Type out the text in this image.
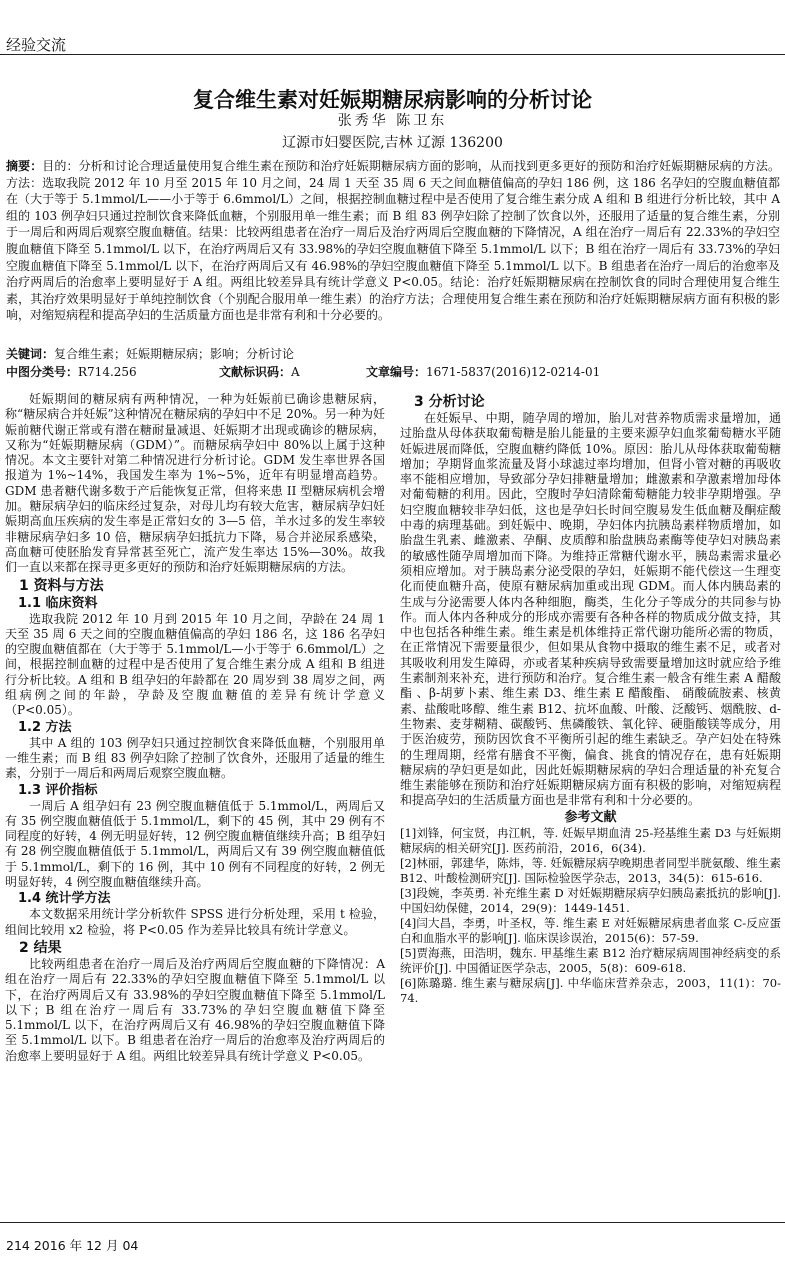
经验交流
复合维生素对妊娠期糖尿病影响的分析讨论
张秀华 陈卫东
辽源市妇婴医院,吉林 辽源 136200
摘要：目的：分析和讨论合理适量使用复合维生素在预防和治疗妊娠期糖尿病方面的影响，从而找到更多更好的预防和治疗妊娠期糖尿病的方法。方法：选取我院 2012 年 10 月至 2015 年 10 月之间，24 周 1 天至 35 周 6 天之间血糖值偏高的孕妇 186 例，这 186 名孕妇的空腹血糖值都在（大于等于 5.1mmol/L——小于等于 6.6mmol/L）之间，根据控制血糖过程中是否使用了复合维生素分成 A 组和 B 组进行分析比较，其中 A 组的 103 例孕妇只通过控制饮食来降低血糖，个别服用单一维生素；而 B 组 83 例孕妇除了控制了饮食以外，还服用了适量的复合维生素，分别于一周后和两周后观察空腹血糖值。结果：比较两组患者在治疗一周后及治疗两周后空腹血糖的下降情况，A 组在治疗一周后有 22.33%的孕妇空腹血糖值下降至 5.1mmol/L 以下，在治疗两周后又有 33.98%的孕妇空腹血糖值下降至 5.1mmol/L 以下；B 组在治疗一周后有 33.73%的孕妇空腹血糖值下降至 5.1mmol/L 以下，在治疗两周后又有 46.98%的孕妇空腹血糖值下降至 5.1mmol/L 以下。B 组患者在治疗一周后的治愈率及治疗两周后的治愈率上要明显好于 A 组。两组比较差异具有统计学意义 P<0.05。结论：治疗妊娠期糖尿病在控制饮食的同时合理使用复合维生素，其治疗效果明显好于单纯控制饮食（个别配合服用单一维生素）的治疗方法；合理使用复合维生素在预防和治疗妊娠期糖尿病方面有积极的影响，对缩短病程和提高孕妇的生活质量方面也是非常有利和十分必要的。
关键词：复合维生素；妊娠期糖尿病；影响；分析讨论
中图分类号：R714.256	文献标识码：A	文章编号：1671-5837(2016)12-0214-01

妊娠期间的糖尿病有两种情况，一种为妊娠前已确诊患糖尿病，称“糖尿病合并妊娠”这种情况在糖尿病的孕妇中不足 20%。另一种为妊娠前糖代谢正常或有潜在糖耐量减退、妊娠期才出现或确诊的糖尿病，又称为“妊娠期糖尿病（GDM）”。而糖尿病孕妇中 80%以上属于这种情况。本文主要针对第二种情况进行分析讨论。GDM 发生率世界各国报道为 1%~14%，我国发生率为 1%~5%，近年有明显增高趋势。GDM 患者糖代谢多数于产后能恢复正常，但将来患 II 型糖尿病机会增加。糖尿病孕妇的临床经过复杂，对母儿均有较大危害，糖尿病孕妇妊娠期高血压疾病的发生率是正常妇女的 3—5 倍，羊水过多的发生率较非糖尿病孕妇多 10 倍，糖尿病孕妇抵抗力下降，易合并泌尿系感染，高血糖可使胚胎发育异常甚至死亡，流产发生率达 15%—30%。故我们一直以来都在探寻更多更好的预防和治疗妊娠期糖尿病的方法。

1 资料与方法
1.1 临床资料

选取我院 2012 年 10 月到 2015 年 10 月之间，孕龄在 24 周 1 天至 35 周 6 天之间的空腹血糖值偏高的孕妇 186 名，这 186 名孕妇的空腹血糖值都在（大于等于 5.1mmol/L—小于等于 6.6mmol/L）之间，根据控制血糖的过程中是否使用了复合维生素分成 A 组和 B 组进行分析比较。A 组和 B 组孕妇的年龄都在 20 周岁到 38 周岁之间，两组病例之间的年龄，孕龄及空腹血糖值的差异有统计学意义（P<0.05）。

1.2 方法

其中 A 组的 103 例孕妇只通过控制饮食来降低血糖，个别服用单一维生素；而 B 组 83 例孕妇除了控制了饮食外，还服用了适量的维生素，分别于一周后和两周后观察空腹血糖。

1.3 评价指标

一周后 A 组孕妇有 23 例空腹血糖值低于 5.1mmol/L，两周后又有 35 例空腹血糖值低于 5.1mmol/L，剩下的 45 例，其中 29 例有不同程度的好转，4 例无明显好转，12 例空腹血糖值继续升高；B 组孕妇有 28 例空腹血糖值低于 5.1mmol/L，两周后又有 39 例空腹血糖值低于 5.1mmol/L，剩下的 16 例，其中 10 例有不同程度的好转，2 例无明显好转，4 例空腹血糖值继续升高。

1.4 统计学方法

本文数据采用统计学分析软件 SPSS 进行分析处理，采用 t 检验，组间比较用 x2 检验，将 P<0.05 作为差异比较具有统计学意义。

2 结果

比较两组患者在治疗一周后及治疗两周后空腹血糖的下降情况：A 组在治疗一周后有 22.33%的孕妇空腹血糖值下降至 5.1mmol/L 以下，在治疗两周后又有 33.98%的孕妇空腹血糖值下降至 5.1mmol/L 以下；B 组在治疗一周后有 33.73%的孕妇空腹血糖值下降至 5.1mmol/L 以下，在治疗两周后又有 46.98%的孕妇空腹血糖值下降至 5.1mmol/L 以下。B 组患者在治疗一周后的治愈率及治疗两周后的治愈率上要明显好于 A 组。两组比较差异具有统计学意义 P<0.05。

3 分析讨论

在妊娠早、中期，随孕周的增加，胎儿对营养物质需求量增加，通过胎盘从母体获取葡萄糖是胎儿能量的主要来源孕妇血浆葡萄糖水平随妊娠进展而降低，空腹血糖约降低 10%。原因：胎儿从母体获取葡萄糖增加；孕期肾血浆流量及肾小球滤过率均增加，但肾小管对糖的再吸收率不能相应增加，导致部分孕妇排糖量增加；雌激素和孕激素增加母体对葡萄糖的利用。因此，空腹时孕妇清除葡萄糖能力较非孕期增强。孕妇空腹血糖较非孕妇低，这也是孕妇长时间空腹易发生低血糖及酮症酸中毒的病理基础。到妊娠中、晚期，孕妇体内抗胰岛素样物质增加，如胎盘生乳素、雌激素、孕酮、皮质醇和胎盘胰岛素酶等使孕妇对胰岛素的敏感性随孕周增加而下降。为维持正常糖代谢水平，胰岛素需求量必须相应增加。对于胰岛素分泌受限的孕妇，妊娠期不能代偿这一生理变化而使血糖升高，使原有糖尿病加重或出现 GDM。而人体内胰岛素的生成与分泌需要人体内各种细胞，酶类，生化分子等成分的共同参与协作。而人体内各种成分的形成亦需要有各种各样的物质成分做支持，其中也包括各种维生素。维生素是机体维持正常代谢功能所必需的物质，在正常情况下需要量很少，但如果从食物中摄取的维生素不足，或者对其吸收利用发生障碍，亦或者某种疾病导致需要量增加这时就应给予维生素制剂来补充，进行预防和治疗。复合维生素一般含有维生素 A 醋酸酯 、β-胡萝卜素、维生素 D3、维生素 E 醋酸酯、 硝酸硫胺素、核黄素、盐酸吡哆醇、维生素 B12、抗坏血酸、叶酸、泛酸钙、烟酰胺、d-生物素、麦芽糊精、碳酸钙、焦磷酸铁、氧化锌、硬脂酸镁等成分，用于医治疲劳，预防因饮食不平衡所引起的维生素缺乏。孕产妇处在特殊的生理周期，经常有膳食不平衡，偏食、挑食的情况存在，患有妊娠期糖尿病的孕妇更是如此，因此妊娠期糖尿病的孕妇合理适量的补充复合维生素能够在预防和治疗妊娠期糖尿病方面有积极的影响，对缩短病程和提高孕妇的生活质量方面也是非常有利和十分必要的。

参考文献
[1]刘锋，何宝贤，冉江帆，等. 妊娠早期血清 25-羟基维生素 D3 与妊娠期糖尿病的相关研究[J]. 医药前沿，2016，6(34).
[2]林丽，郭建华，陈炜，等. 妊娠糖尿病孕晚期患者同型半胱氨酸、维生素 B12、叶酸检测研究[J]. 国际检验医学杂志，2013，34(5)：615-616.
[3]段婉，李英勇. 补充维生素 D 对妊娠期糖尿病孕妇胰岛素抵抗的影响[J]. 中国妇幼保健，2014，29(9)：1449-1451.
[4]闫大昌，李勇，叶圣权，等. 维生素 E 对妊娠糖尿病患者血浆 C-反应蛋白和血脂水平的影响[J]. 临床误诊误治，2015(6)：57-59.
[5]贾海燕，田浩明，魏东. 甲基维生素 B12 治疗糖尿病周围神经病变的系统评价[J]. 中国循证医学杂志，2005，5(8)：609-618.
[6]陈璐璐. 维生素与糖尿病[J]. 中华临床营养杂志，2003，11(1)：70-74.
214 2016 年 12 月 04
